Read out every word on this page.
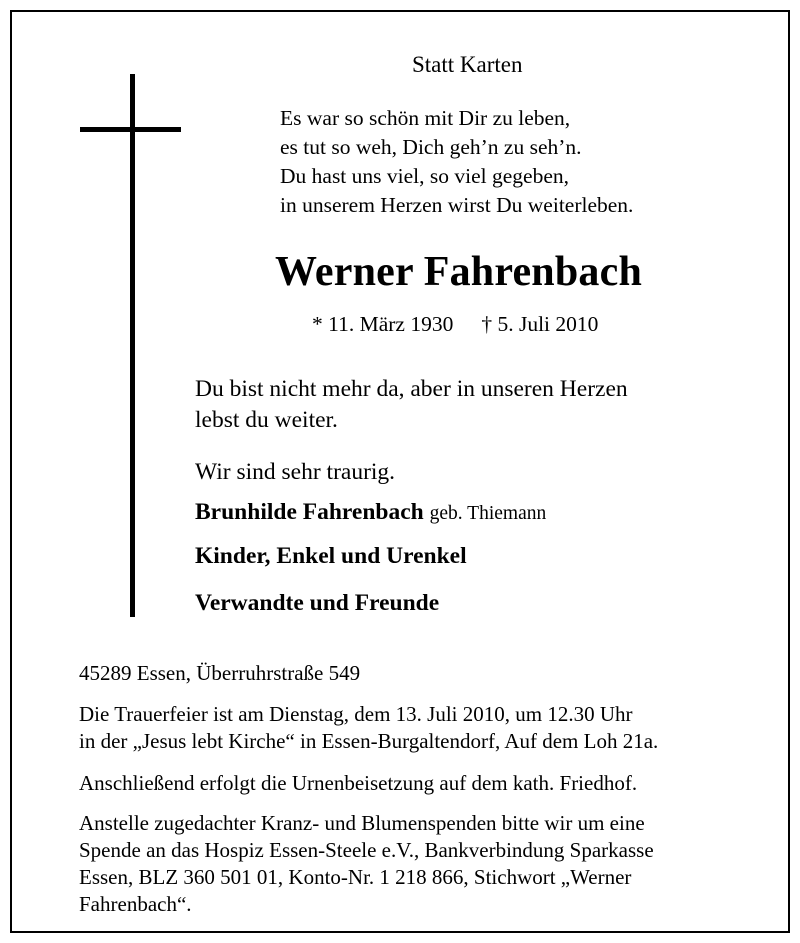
Statt Karten
Es war so schön mit Dir zu leben,
es tut so weh, Dich geh’n zu seh’n.
Du hast uns viel, so viel gegeben,
in unserem Herzen wirst Du weiterleben.
Werner Fahrenbach
* 11. März 1930 † 5. Juli 2010
Du bist nicht mehr da, aber in unseren Herzen
lebst du weiter.
Wir sind sehr traurig.
Brunhilde Fahrenbach geb. Thiemann
Kinder, Enkel und Urenkel
Verwandte und Freunde
45289 Essen, Überruhrstraße 549
Die Trauerfeier ist am Dienstag, dem 13. Juli 2010, um 12.30 Uhr
in der „Jesus lebt Kirche“ in Essen-Burgaltendorf, Auf dem Loh 21a.
Anschließend erfolgt die Urnenbeisetzung auf dem kath. Friedhof.
Anstelle zugedachter Kranz- und Blumenspenden bitte wir um eine
Spende an das Hospiz Essen-Steele e.V., Bankverbindung Sparkasse
Essen, BLZ 360 501 01, Konto-Nr. 1 218 866, Stichwort „Werner
Fahrenbach“.
